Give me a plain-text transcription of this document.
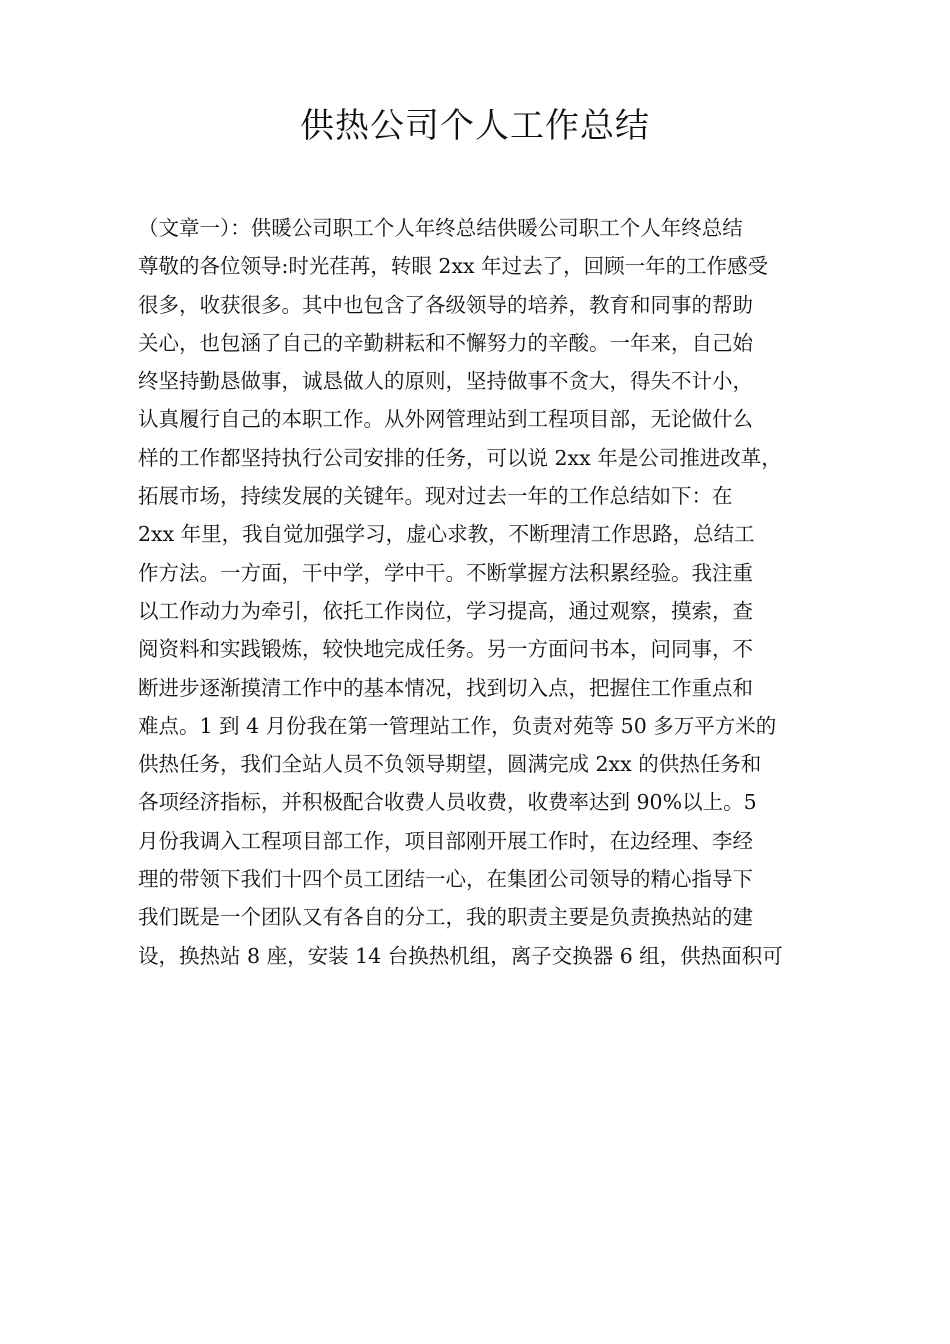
供热公司个人工作总结
（文章一）：供暖公司职工个人年终总结供暖公司职工个人年终总结
尊敬的各位领导:时光荏苒，转眼 2xx 年过去了，回顾一年的工作感受
很多，收获很多。其中也包含了各级领导的培养，教育和同事的帮助
关心，也包涵了自己的辛勤耕耘和不懈努力的辛酸。一年来，自己始
终坚持勤恳做事，诚恳做人的原则，坚持做事不贪大，得失不计小，
认真履行自己的本职工作。从外网管理站到工程项目部，无论做什么
样的工作都坚持执行公司安排的任务，可以说 2xx 年是公司推进改革，
拓展市场，持续发展的关键年。现对过去一年的工作总结如下：在
2xx 年里，我自觉加强学习，虚心求教，不断理清工作思路，总结工
作方法。一方面，干中学，学中干。不断掌握方法积累经验。我注重
以工作动力为牵引，依托工作岗位，学习提高，通过观察，摸索，查
阅资料和实践锻炼，较快地完成任务。另一方面问书本，问同事，不
断进步逐渐摸清工作中的基本情况，找到切入点，把握住工作重点和
难点。1 到 4 月份我在第一管理站工作，负责对苑等 50 多万平方米的
供热任务，我们全站人员不负领导期望，圆满完成 2xx 的供热任务和
各项经济指标，并积极配合收费人员收费，收费率达到 90%以上。5
月份我调入工程项目部工作，项目部刚开展工作时，在边经理、李经
理的带领下我们十四个员工团结一心，在集团公司领导的精心指导下
我们既是一个团队又有各自的分工，我的职责主要是负责换热站的建
设，换热站 8 座，安装 14 台换热机组，离子交换器 6 组，供热面积可
